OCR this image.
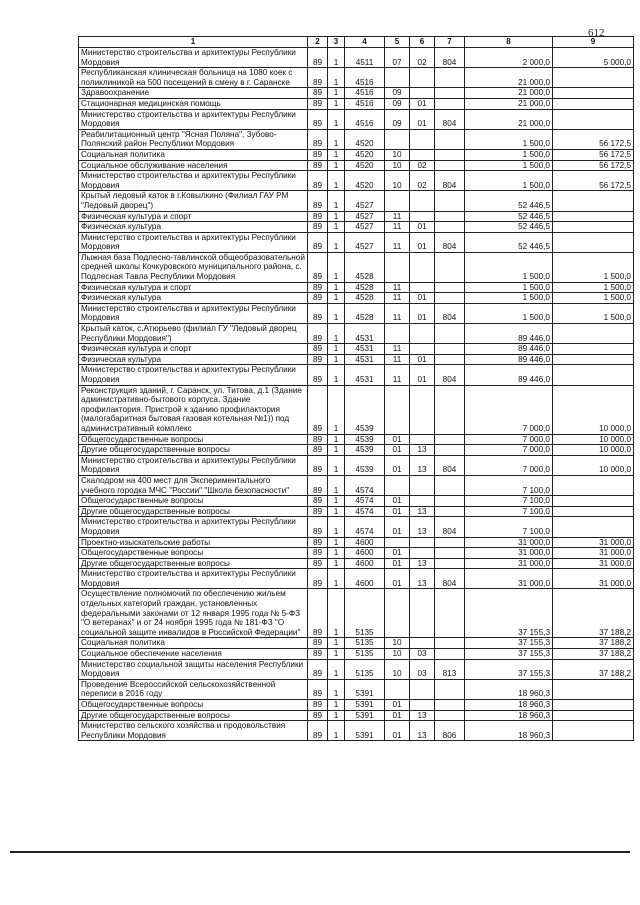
612
1	2	3	4	5	6	7	8	9
Министерство строительства и архитектуры Республики Мордовия	89	1	4511	07	02	804	2 000,0	5 000,0
Республиканская клиническая больница на 1080 коек с поликлиникой на 500 посещений в смену в г. Саранске	89	1	4516				21 000,0	
Здравоохранение	89	1	4516	09			21 000,0	
Стационарная медицинская помощь	89	1	4516	09	01		21 000,0	
Министерство строительства и архитектуры Республики Мордовия	89	1	4516	09	01	804	21 000,0	
Реабилитационный центр "Ясная Поляна", Зубово-Полянский район Республики Мордовия	89	1	4520				1 500,0	56 172,5
Социальная политика	89	1	4520	10			1 500,0	56 172,5
Социальное обслуживание населения	89	1	4520	10	02		1 500,0	56 172,5
Министерство строительства и архитектуры Республики Мордовия	89	1	4520	10	02	804	1 500,0	56 172,5
Крытый ледовый каток в г.Ковылкино (Филиал ГАУ РМ "Ледовый дворец")	89	1	4527				52 446,5	
Физическая культура и спорт	89	1	4527	11			52 446,5	
Физическая культура	89	1	4527	11	01		52 446,5	
Министерство строительства и архитектуры Республики Мордовия	89	1	4527	11	01	804	52 446,5	
Лыжная база Подлесно-тавлинской общеобразовательной средней школы Кочкуровского муниципального района, с. Подлесная Тавла Республики Мордовия	89	1	4528				1 500,0	1 500,0
Физическая культура и спорт	89	1	4528	11			1 500,0	1 500,0
Физическая культура	89	1	4528	11	01		1 500,0	1 500,0
Министерство строительства и архитектуры Республики Мордовия	89	1	4528	11	01	804	1 500,0	1 500,0
Крытый каток, с.Атюрьево (филиал ГУ "Ледовый дворец Республики Мордовия")	89	1	4531				89 446,0	
Физическая культура и спорт	89	1	4531	11			89 446,0	
Физическая культура	89	1	4531	11	01		89 446,0	
Министерство строительства и архитектуры Республики Мордовия	89	1	4531	11	01	804	89 446,0	
Реконструкция зданий, г. Саранск, ул. Титова, д.1 (Здание административно-бытового корпуса. Здание профилактория. Пристрой к зданию профилактория (малогабаритная бытовая газовая котельная №1)) под административный комплекс	89	1	4539				7 000,0	10 000,0
Общегосударственные вопросы	89	1	4539	01			7 000,0	10 000,0
Другие общегосударственные вопросы	89	1	4539	01	13		7 000,0	10 000,0
Министерство строительства и архитектуры Республики Мордовия	89	1	4539	01	13	804	7 000,0	10 000,0
Скалодром на 400 мест для Экспериментального учебного городка МЧС "России" "Школа безопасности"	89	1	4574				7 100,0	
Общегосударственные вопросы	89	1	4574	01			7 100,0	
Другие общегосударственные вопросы	89	1	4574	01	13		7 100,0	
Министерство строительства и архитектуры Республики Мордовия	89	1	4574	01	13	804	7 100,0	
Проектно-изыскательские работы	89	1	4600				31 000,0	31 000,0
Общегосударственные вопросы	89	1	4600	01			31 000,0	31 000,0
Другие общегосударственные вопросы	89	1	4600	01	13		31 000,0	31 000,0
Министерство строительства и архитектуры Республики Мордовия	89	1	4600	01	13	804	31 000,0	31 000,0
Осуществление полномочий по обеспечению жильем отдельных категорий граждан, установленных федеральными законами от 12 января 1995 года № 5-ФЗ "О ветеранах" и от 24 ноября 1995 года № 181-ФЗ "О социальной защите инвалидов в Российской Федерации"	89	1	5135				37 155,3	37 188,2
Социальная политика	89	1	5135	10			37 155,3	37 188,2
Социальное обеспечение населения	89	1	5135	10	03		37 155,3	37 188,2
Министерство социальной защиты населения Республики Мордовия	89	1	5135	10	03	813	37 155,3	37 188,2
Проведение Всероссийской сельскохозяйственной переписи в 2016 году	89	1	5391				18 960,3	
Общегосударственные вопросы	89	1	5391	01			18 960,3	
Другие общегосударственные вопросы	89	1	5391	01	13		18 960,3	
Министерство сельского хозяйства и продовольствия Республики Мордовия	89	1	5391	01	13	806	18 960,3	
